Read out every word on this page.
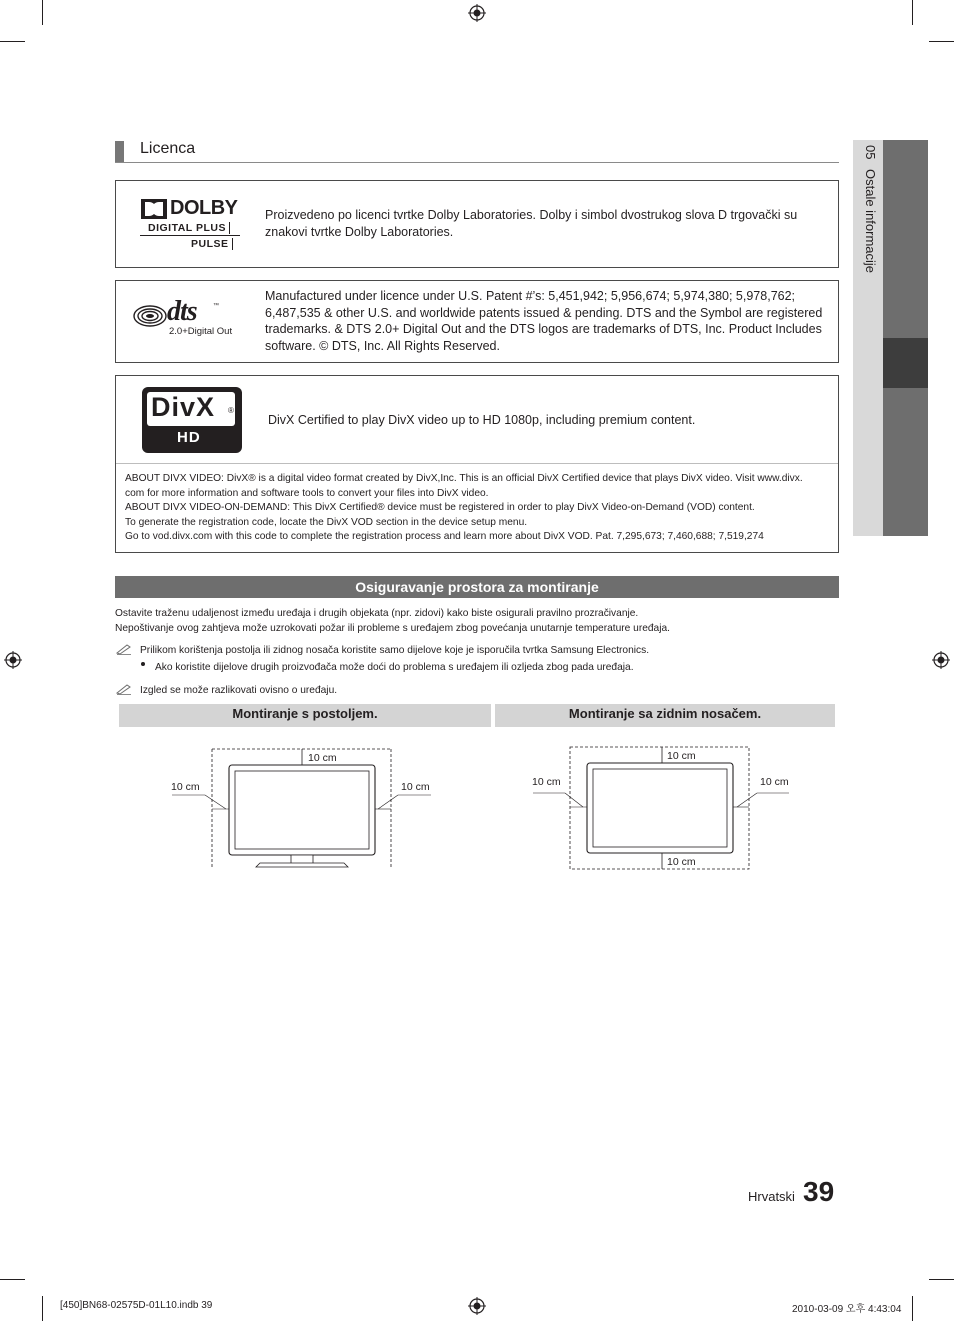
05Ostale informacije
Licenca
DOLBY
DIGITAL PLUS
PULSE
Proizvedeno po licenci tvrtke Dolby Laboratories. Dolby i simbol dvostrukog slova D trgovački su znakovi tvrtke Dolby Laboratories.
dts	™
2.0+Digital Out
Manufactured under licence under U.S. Patent #’s: 5,451,942; 5,956,674; 5,974,380; 5,978,762; 6,487,535 & other U.S. and worldwide patents issued & pending. DTS and the Symbol are registered trademarks. & DTS 2.0+ Digital Out and the DTS logos are trademarks of DTS, Inc. Product Includes software. © DTS, Inc. All Rights Reserved.
DivX ®
HD
DivX Certified to play DivX video up to HD 1080p, including premium content.
ABOUT DIVX VIDEO: DivX® is a digital video format created by DivX,Inc. This is an official DivX Certified device that plays DivX video. Visit www.divx.
com for more information and software tools to convert your files into DivX video.
ABOUT DIVX VIDEO-ON-DEMAND: This DivX Certified® device must be registered in order to play DivX Video-on-Demand (VOD) content.
To generate the registration code, locate the DivX VOD section in the device setup menu.
Go to vod.divx.com with this code to complete the registration process and learn more about DivX VOD. Pat. 7,295,673; 7,460,688; 7,519,274
Osiguravanje prostora za montiranje
Ostavite traženu udaljenost između uređaja i drugih objekata (npr. zidovi) kako biste osigurali pravilno prozračivanje.
Nepoštivanje ovog zahtjeva može uzrokovati požar ili probleme s uređajem zbog povećanja unutarnje temperature uređaja.
Prilikom korištenja postolja ili zidnog nosača koristite samo dijelove koje je isporučila tvrtka Samsung Electronics.
Ako koristite dijelove drugih proizvođača može doći do problema s uređajem ili ozljeda zbog pada uređaja.
Izgled se može razlikovati ovisno o uređaju.
Montiranje s postoljem.	Montiranje sa zidnim nosačem.
10 cm
10 cm	10 cm
10 cm
10 cm	10 cm
10 cm
Hrvatski 39
[450]BN68-02575D-01L10.indb 39	2010-03-09 오후 4:43:04
